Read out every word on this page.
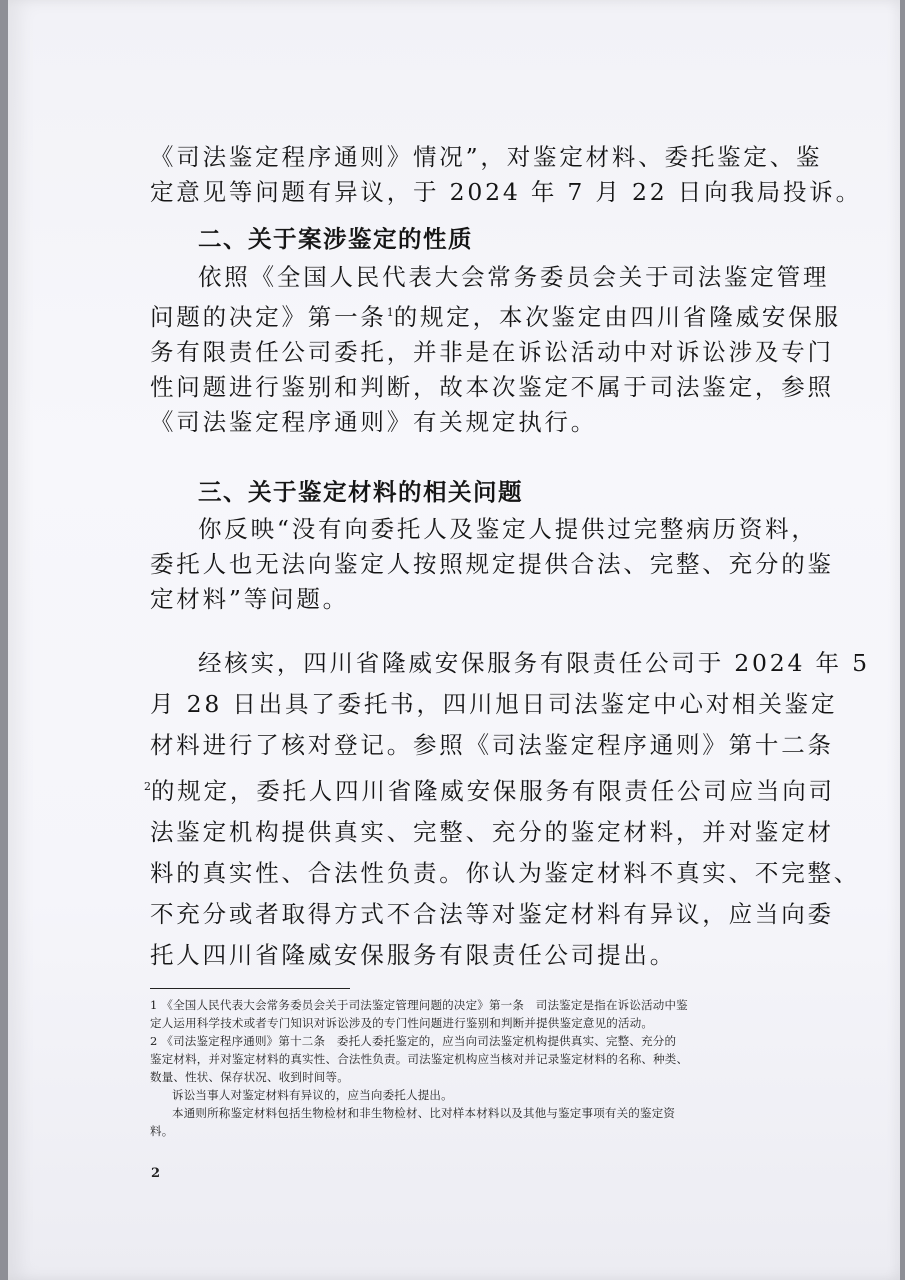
《司法鉴定程序通则》情况”，对鉴定材料、委托鉴定、鉴
定意见等问题有异议，于 2024 年 7 月 22 日向我局投诉。
二、关于案涉鉴定的性质
依照《全国人民代表大会常务委员会关于司法鉴定管理
问题的决定》第一条$^1$的规定，本次鉴定由四川省隆威安保服
务有限责任公司委托，并非是在诉讼活动中对诉讼涉及专门
性问题进行鉴别和判断，故本次鉴定不属于司法鉴定，参照
《司法鉴定程序通则》有关规定执行。
三、关于鉴定材料的相关问题
你反映“没有向委托人及鉴定人提供过完整病历资料，
委托人也无法向鉴定人按照规定提供合法、完整、充分的鉴
定材料”等问题。
经核实，四川省隆威安保服务有限责任公司于 2024 年 5
月 28 日出具了委托书，四川旭日司法鉴定中心对相关鉴定
材料进行了核对登记。参照《司法鉴定程序通则》第十二条
$^2$的规定，委托人四川省隆威安保服务有限责任公司应当向司
法鉴定机构提供真实、完整、充分的鉴定材料，并对鉴定材
料的真实性、合法性负责。你认为鉴定材料不真实、不完整、
不充分或者取得方式不合法等对鉴定材料有异议，应当向委
托人四川省隆威安保服务有限责任公司提出。
1 《全国人民代表大会常务委员会关于司法鉴定管理问题的决定》第一条　司法鉴定是指在诉讼活动中鉴
定人运用科学技术或者专门知识对诉讼涉及的专门性问题进行鉴别和判断并提供鉴定意见的活动。
2 《司法鉴定程序通则》第十二条　委托人委托鉴定的，应当向司法鉴定机构提供真实、完整、充分的
鉴定材料，并对鉴定材料的真实性、合法性负责。司法鉴定机构应当核对并记录鉴定材料的名称、种类、
数量、性状、保存状况、收到时间等。
诉讼当事人对鉴定材料有异议的，应当向委托人提出。
本通则所称鉴定材料包括生物检材和非生物检材、比对样本材料以及其他与鉴定事项有关的鉴定资
料。
2
